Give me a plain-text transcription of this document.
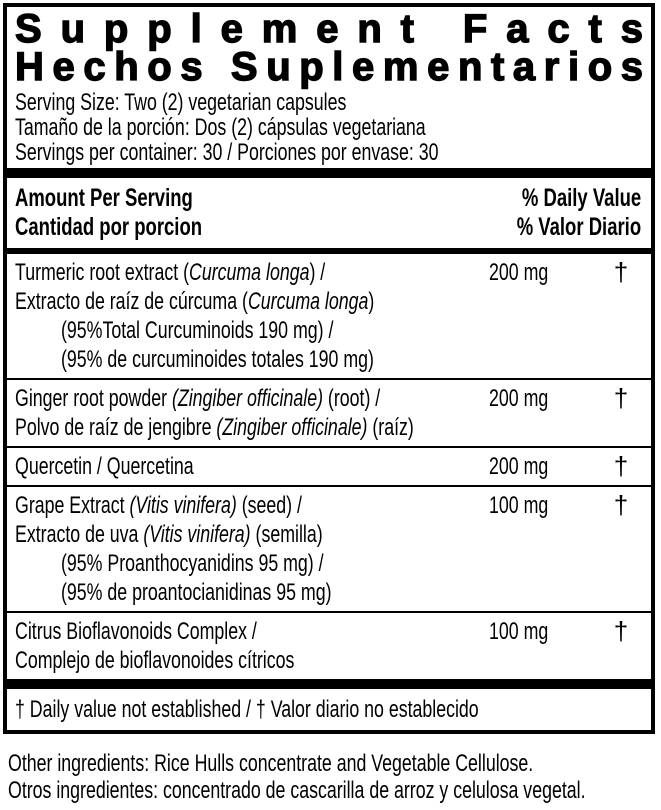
S u p p l e m e n t
F a c t s
H e c h o s
S u p l e m e n t a r i o s
Serving Size: Two (2) vegetarian capsules
Tamaño de la porción: Dos (2) cápsulas vegetariana
Servings per container: 30 / Porciones por envase: 30
Amount Per Serving
Cantidad por porcion
% Daily Value
% Valor Diario
Turmeric root extract (Curcuma longa) /
Extracto de raíz de cúrcuma (Curcuma longa)
(95%Total Curcuminoids 190 mg) /
(95% de curcuminoides totales 190 mg)
200 mg	†
Ginger root powder (Zingiber officinale) (root) /
Polvo de raíz de jengibre (Zingiber officinale) (raíz)
200 mg	†
Quercetin / Quercetina	200 mg	†
Grape Extract (Vitis vinifera) (seed) /
Extracto de uva (Vitis vinifera) (semilla)
(95% Proanthocyanidins 95 mg) /
(95% de proantocianidinas 95 mg)
100 mg	†
Citrus Bioflavonoids Complex /
Complejo de bioflavonoides cítricos
100 mg	†
† Daily value not established / † Valor diario no establecido
Other ingredients: Rice Hulls concentrate and Vegetable Cellulose.
Otros ingredientes: concentrado de cascarilla de arroz y celulosa vegetal.
